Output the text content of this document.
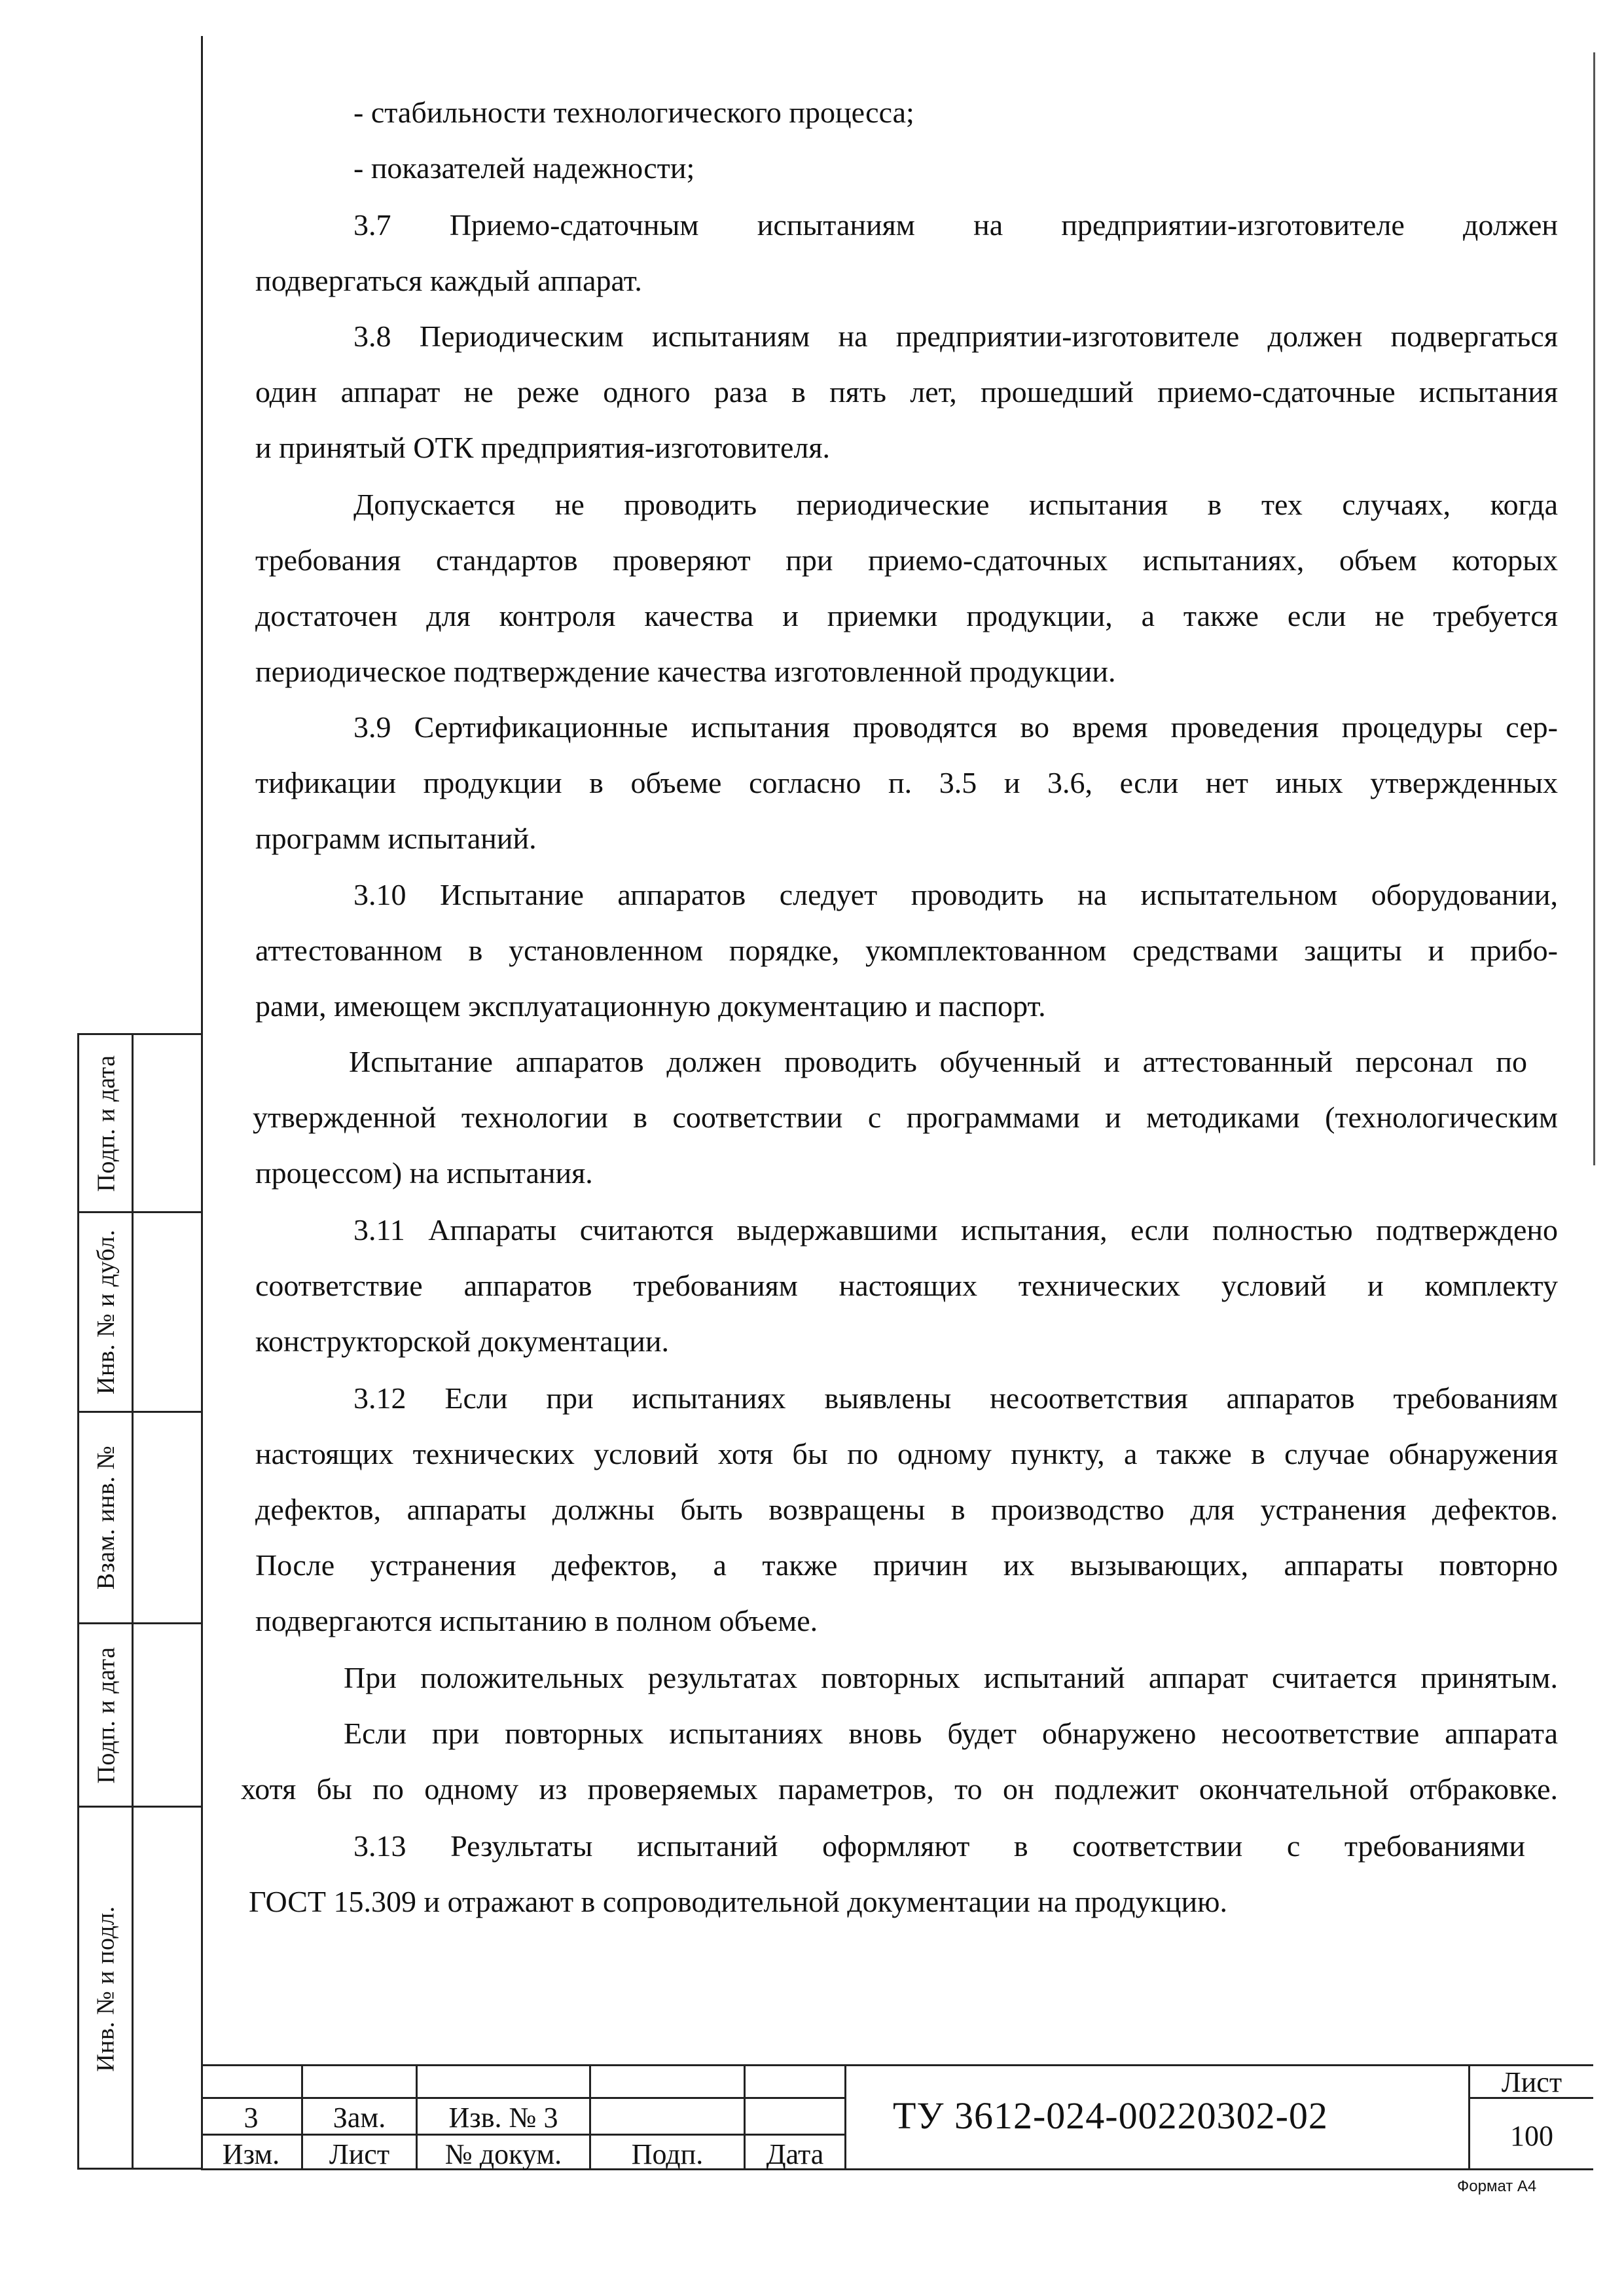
Подп. и дата
Инв. № и дубл.
Взам. инв. №
Подп. и дата
Инв. № и подл.
- стабильности технологического процесса;
- показателей надежности;
3.7 Приемо-сдаточным испытаниям на предприятии-изготовителе должен
подвергаться каждый аппарат.
3.8 Периодическим испытаниям на предприятии-изготовителе должен подвергаться
один аппарат не реже одного раза в пять лет, прошедший приемо-сдаточные испытания
и принятый ОТК предприятия-изготовителя.
Допускается не проводить периодические испытания в тех случаях, когда
требования стандартов проверяют при приемо-сдаточных испытаниях, объем которых
достаточен для контроля качества и приемки продукции, а также если не требуется
периодическое подтверждение качества изготовленной продукции.
3.9 Сертификационные испытания проводятся во время проведения процедуры сер-
тификации продукции в объеме согласно п. 3.5 и 3.6, если нет иных утвержденных
программ испытаний.
3.10 Испытание аппаратов следует проводить на испытательном оборудовании,
аттестованном в установленном порядке, укомплектованном средствами защиты и прибо-
рами, имеющем эксплуатационную документацию и паспорт.
Испытание аппаратов должен проводить обученный и аттестованный персонал по
утвержденной технологии в соответствии с программами и методиками (технологическим
процессом) на испытания.
3.11 Аппараты считаются выдержавшими испытания, если полностью подтверждено
соответствие аппаратов требованиям настоящих технических условий и комплекту
конструкторской документации.
3.12 Если при испытаниях выявлены несоответствия аппаратов требованиям
настоящих технических условий хотя бы по одному пункту, а также в случае обнаружения
дефектов, аппараты должны быть возвращены в производство для устранения дефектов.
После устранения дефектов, а также причин их вызывающих, аппараты повторно
подвергаются испытанию в полном объеме.
При положительных результатах повторных испытаний аппарат считается принятым.
Если при повторных испытаниях вновь будет обнаружено несоответствие аппарата
хотя бы по одному из проверяемых параметров, то он подлежит окончательной отбраковке.
3.13 Результаты испытаний оформляют в соответствии с требованиями
ГОСТ 15.309 и отражают в сопроводительной документации на продукцию.
3	Зам.	Изв. № 3
Изм.	Лист	№ докум.	Подп.	Дата
Лист
100
ТУ 3612-024-00220302-02
Формат А4
